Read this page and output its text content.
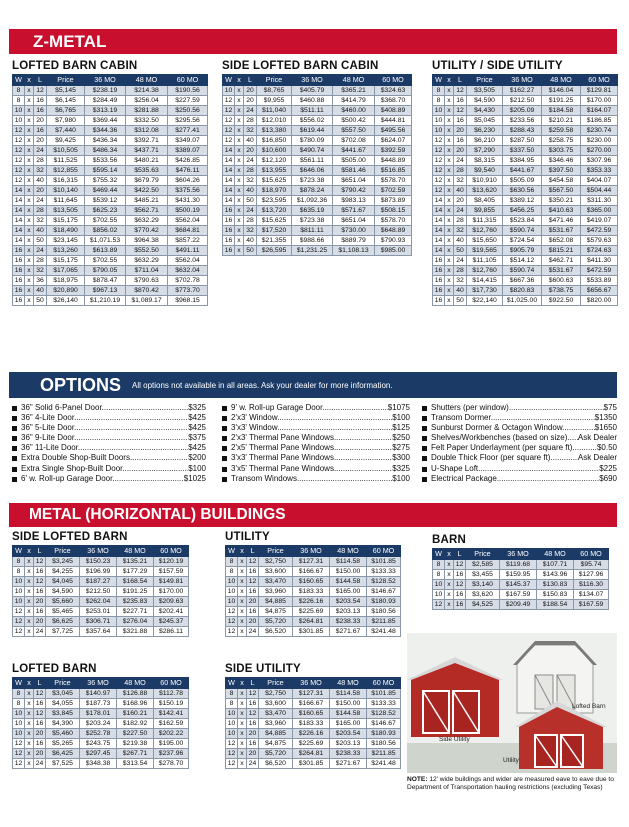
Z-METAL
LOFTED BARN CABIN
W	x	L	Price	36 MO	48 MO	60 MO
8	x	12	$5,145	$238.19	$214.38	$190.56
8	x	16	$6,145	$284.49	$256.04	$227.59
10	x	16	$6,765	$313.19	$281.88	$250.56
10	x	20	$7,980	$369.44	$332.50	$295.56
12	x	16	$7,440	$344.36	$312.08	$277.41
12	x	20	$9,425	$436.34	$392.71	$349.07
12	x	24	$10,505	$486.34	$437.71	$389.07
12	x	28	$11,525	$533.56	$480.21	$426.85
12	x	32	$12,855	$595.14	$535.63	$476.11
12	x	40	$16,315	$755.32	$679.79	$604.26
14	x	20	$10,140	$469.44	$422.50	$375.56
14	x	24	$11,645	$539.12	$485.21	$431.30
14	x	28	$13,505	$625.23	$562.71	$500.19
14	x	32	$15,175	$702.55	$632.29	$562.04
14	x	40	$18,490	$856.02	$770.42	$684.81
14	x	50	$23,145	$1,071.53	$964.38	$857.22
16	x	24	$13,260	$613.89	$552.50	$491.11
16	x	28	$15,175	$702.55	$632.29	$562.04
16	x	32	$17,065	$790.05	$711.04	$632.04
16	x	36	$18,975	$878.47	$790.63	$702.78
16	x	40	$20,890	$967.13	$870.42	$773.70
16	x	50	$26,140	$1,210.19	$1,089.17	$968.15
SIDE LOFTED BARN CABIN
W	x	L	Price	36 MO	48 MO	60 MO
10	x	20	$8,765	$405.79	$365.21	$324.63
12	x	20	$9,955	$460.88	$414.79	$368.70
12	x	24	$11,040	$511.11	$460.00	$408.89
12	x	28	$12,010	$556.02	$500.42	$444.81
12	x	32	$13,380	$619.44	$557.50	$495.56
12	x	40	$16,850	$780.09	$702.08	$624.07
14	x	20	$10,600	$490.74	$441.67	$392.59
14	x	24	$12,120	$561.11	$505.00	$448.89
14	x	28	$13,955	$646.06	$581.46	$516.85
14	x	32	$15,625	$723.38	$651.04	$578.70
14	x	40	$18,970	$878.24	$790.42	$702.59
14	x	50	$23,595	$1,092.36	$983.13	$873.89
16	x	24	$13,720	$635.19	$571.67	$508.15
16	x	28	$15,625	$723.38	$651.04	$578.70
16	x	32	$17,520	$811.11	$730.00	$648.89
16	x	40	$21,355	$988.66	$889.79	$790.93
16	x	50	$26,595	$1,231.25	$1,108.13	$985.00
UTILITY / SIDE UTILITY
W	x	L	Price	36 MO	48 MO	60 MO
8	x	12	$3,505	$162.27	$146.04	$129.81
8	x	16	$4,590	$212.50	$191.25	$170.00
10	x	12	$4,430	$205.09	$184.58	$164.07
10	x	16	$5,045	$233.56	$210.21	$186.85
10	x	20	$6,230	$288.43	$259.58	$230.74
12	x	16	$6,210	$287.50	$258.75	$230.00
12	x	20	$7,290	$337.50	$303.75	$270.00
12	x	24	$8,315	$384.95	$346.46	$307.96
12	x	28	$9,540	$441.67	$397.50	$353.33
12	x	32	$10,910	$505.09	$454.58	$404.07
12	x	40	$13,620	$630.56	$567.50	$504.44
14	x	20	$8,405	$389.12	$350.21	$311.30
14	x	24	$9,855	$456.25	$410.63	$365.00
14	x	28	$11,315	$523.84	$471.46	$419.07
14	x	32	$12,760	$590.74	$531.67	$472.59
14	x	40	$15,650	$724.54	$652.08	$579.63
14	x	50	$19,565	$905.79	$815.21	$724.63
16	x	24	$11,105	$514.12	$462.71	$411.30
16	x	28	$12,760	$590.74	$531.67	$472.59
16	x	32	$14,415	$667.36	$600.63	$533.89
16	x	40	$17,730	$820.83	$738.75	$656.67
16	x	50	$22,140	$1,025.00	$922.50	$820.00
OPTIONS All options not available in all areas. Ask your dealer for more information.
36" Solid 6-Panel Door .....	$325
36" 4-Lite Door .....	$425
36" 5-Lite Door .....	$425
36" 9-Lite Door .....	$375
36" 11-Lite Door .....	$425
Extra Double Shop-Built Doors .....	$200
Extra Single Shop-Built Door .....	$100
6' w. Roll-up Garage Door .....	$1025
9' w. Roll-up Garage Door .....	$1075
2'x3' Window .....	$100
3'x3' Window .....	$125
2'x3' Thermal Pane Windows .....	$250
2'x5' Thermal Pane Windows .....	$275
3'x3' Thermal Pane Windows .....	$300
3'x5' Thermal Pane Windows .....	$325
Transom Windows .....	$100
Shutters (per window) .....	$75
Transom Dormer .....	$1350
Sunburst Dormer & Octagon Window .....	$1650
Shelves/Workbenches (based on size) .....	Ask Dealer
Felt Paper Underlayment (per square ft) .....	$0.50
Double Thick Floor (per square ft) .....	Ask Dealer
U-Shape Loft .....	$225
Electrical Package .....	$690
METAL (HORIZONTAL) BUILDINGS
SIDE LOFTED BARN
W	x	L	Price	36 MO	48 MO	60 MO
8	x	12	$3,245	$150.23	$135.21	$120.19
8	x	16	$4,255	$196.99	$177.29	$157.59
10	x	12	$4,045	$187.27	$168.54	$149.81
10	x	16	$4,590	$212.50	$191.25	$170.00
10	x	20	$5,660	$262.04	$235.83	$209.63
12	x	16	$5,465	$253.01	$227.71	$202.41
12	x	20	$6,625	$306.71	$276.04	$245.37
12	x	24	$7,725	$357.64	$321.88	$286.11
LOFTED BARN
W	x	L	Price	36 MO	48 MO	60 MO
8	x	12	$3,045	$140.97	$126.88	$112.78
8	x	16	$4,055	$187.73	$168.96	$150.19
10	x	12	$3,845	$178.01	$160.21	$142.41
10	x	16	$4,390	$203.24	$182.92	$162.59
10	x	20	$5,460	$252.78	$227.50	$202.22
12	x	16	$5,265	$243.75	$219.38	$195.00
12	x	20	$6,425	$297.45	$267.71	$237.96
12	x	24	$7,525	$348.38	$313.54	$278.70
UTILITY
W	x	L	Price	36 MO	48 MO	60 MO
8	x	12	$2,750	$127.31	$114.58	$101.85
8	x	16	$3,600	$166.67	$150.00	$133.33
10	x	12	$3,470	$160.65	$144.58	$128.52
10	x	16	$3,960	$183.33	$165.00	$146.67
10	x	20	$4,885	$226.16	$203.54	$180.93
12	x	16	$4,875	$225.69	$203.13	$180.56
12	x	20	$5,720	$264.81	$238.33	$211.85
12	x	24	$6,520	$301.85	$271.67	$241.48
SIDE UTILITY
W	x	L	Price	36 MO	48 MO	60 MO
8	x	12	$2,750	$127.31	$114.58	$101.85
8	x	16	$3,600	$166.67	$150.00	$133.33
10	x	12	$3,470	$160.65	$144.58	$128.52
10	x	16	$3,960	$183.33	$165.00	$146.67
10	x	20	$4,885	$226.16	$203.54	$180.93
12	x	16	$4,875	$225.69	$203.13	$180.56
12	x	20	$5,720	$264.81	$238.33	$211.85
12	x	24	$6,520	$301.85	$271.67	$241.48
BARN
W	x	L	Price	36 MO	48 MO	60 MO
8	x	12	$2,585	$119.68	$107.71	$95.74
8	x	16	$3,455	$159.95	$143.96	$127.96
10	x	12	$3,140	$145.37	$130.83	$116.30
10	x	16	$3,620	$167.59	$150.83	$134.07
12	x	16	$4,525	$209.49	$188.54	$167.59
Lofted Barn
Side Utility
Utility
NOTE: 12' wide buildings and wider are measured eave to eave due to Department of Transportation hauling restrictions (excluding Texas)
